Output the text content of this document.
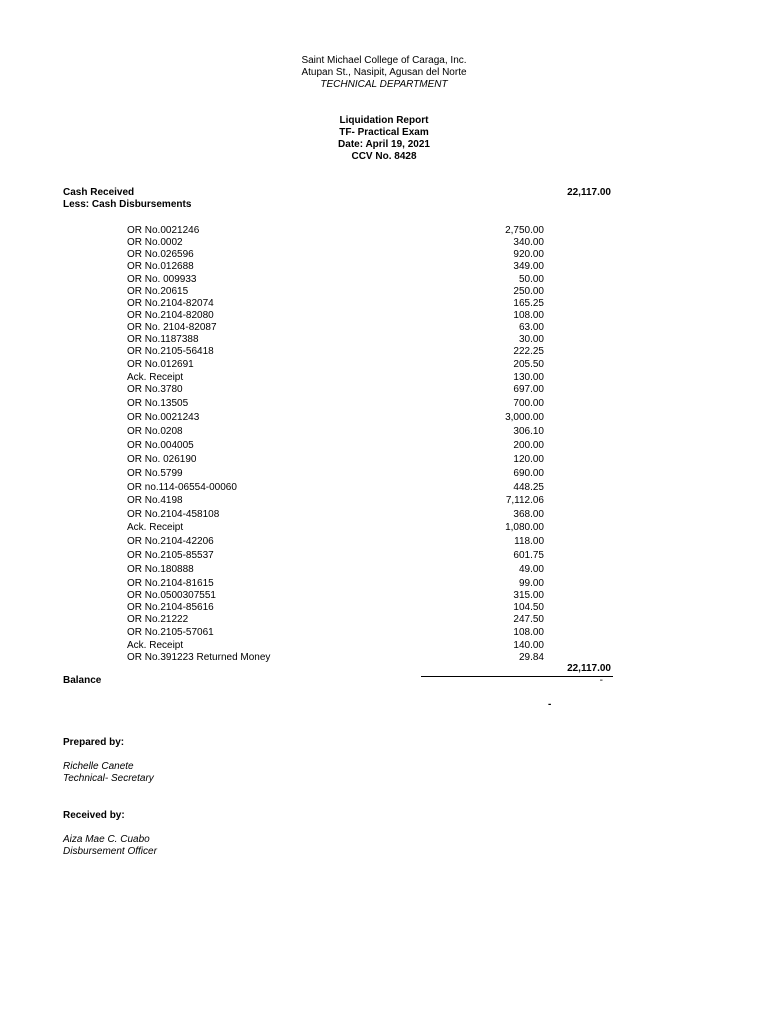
Saint Michael College of Caraga, Inc.
Atupan St., Nasipit, Agusan del Norte
TECHNICAL DEPARTMENT
Liquidation Report
TF- Practical Exam
Date: April 19, 2021
CCV No. 8428
Cash Received	22,117.00
Less: Cash Disbursements
OR No.0021246	2,750.00
OR No.0002	340.00
OR No.026596	920.00
OR No.012688	349.00
OR No. 009933	50.00
OR No.20615	250.00
OR No.2104-82074	165.25
OR No.2104-82080	108.00
OR No. 2104-82087	63.00
OR No.1187388	30.00
OR No.2105-56418	222.25
OR No.012691	205.50
Ack. Receipt	130.00
OR No.3780	697.00
OR No.13505	700.00
OR No.0021243	3,000.00
OR No.0208	306.10
OR No.004005	200.00
OR No. 026190	120.00
OR No.5799	690.00
OR no.114-06554-00060	448.25
OR No.4198	7,112.06
OR No.2104-458108	368.00
Ack. Receipt	1,080.00
OR No.2104-42206	118.00
OR No.2105-85537	601.75
OR No.180888	49.00
OR No.2104-81615	99.00
OR No.0500307551	315.00
OR No.2104-85616	104.50
OR No.21222	247.50
OR No.2105-57061	108.00
Ack. Receipt	140.00
OR No.391223 Returned Money	29.84
22,117.00
Balance	-
-
Prepared by:
Richelle Canete
Technical- Secretary
Received by:
Aiza Mae C. Cuabo
Disbursement Officer
